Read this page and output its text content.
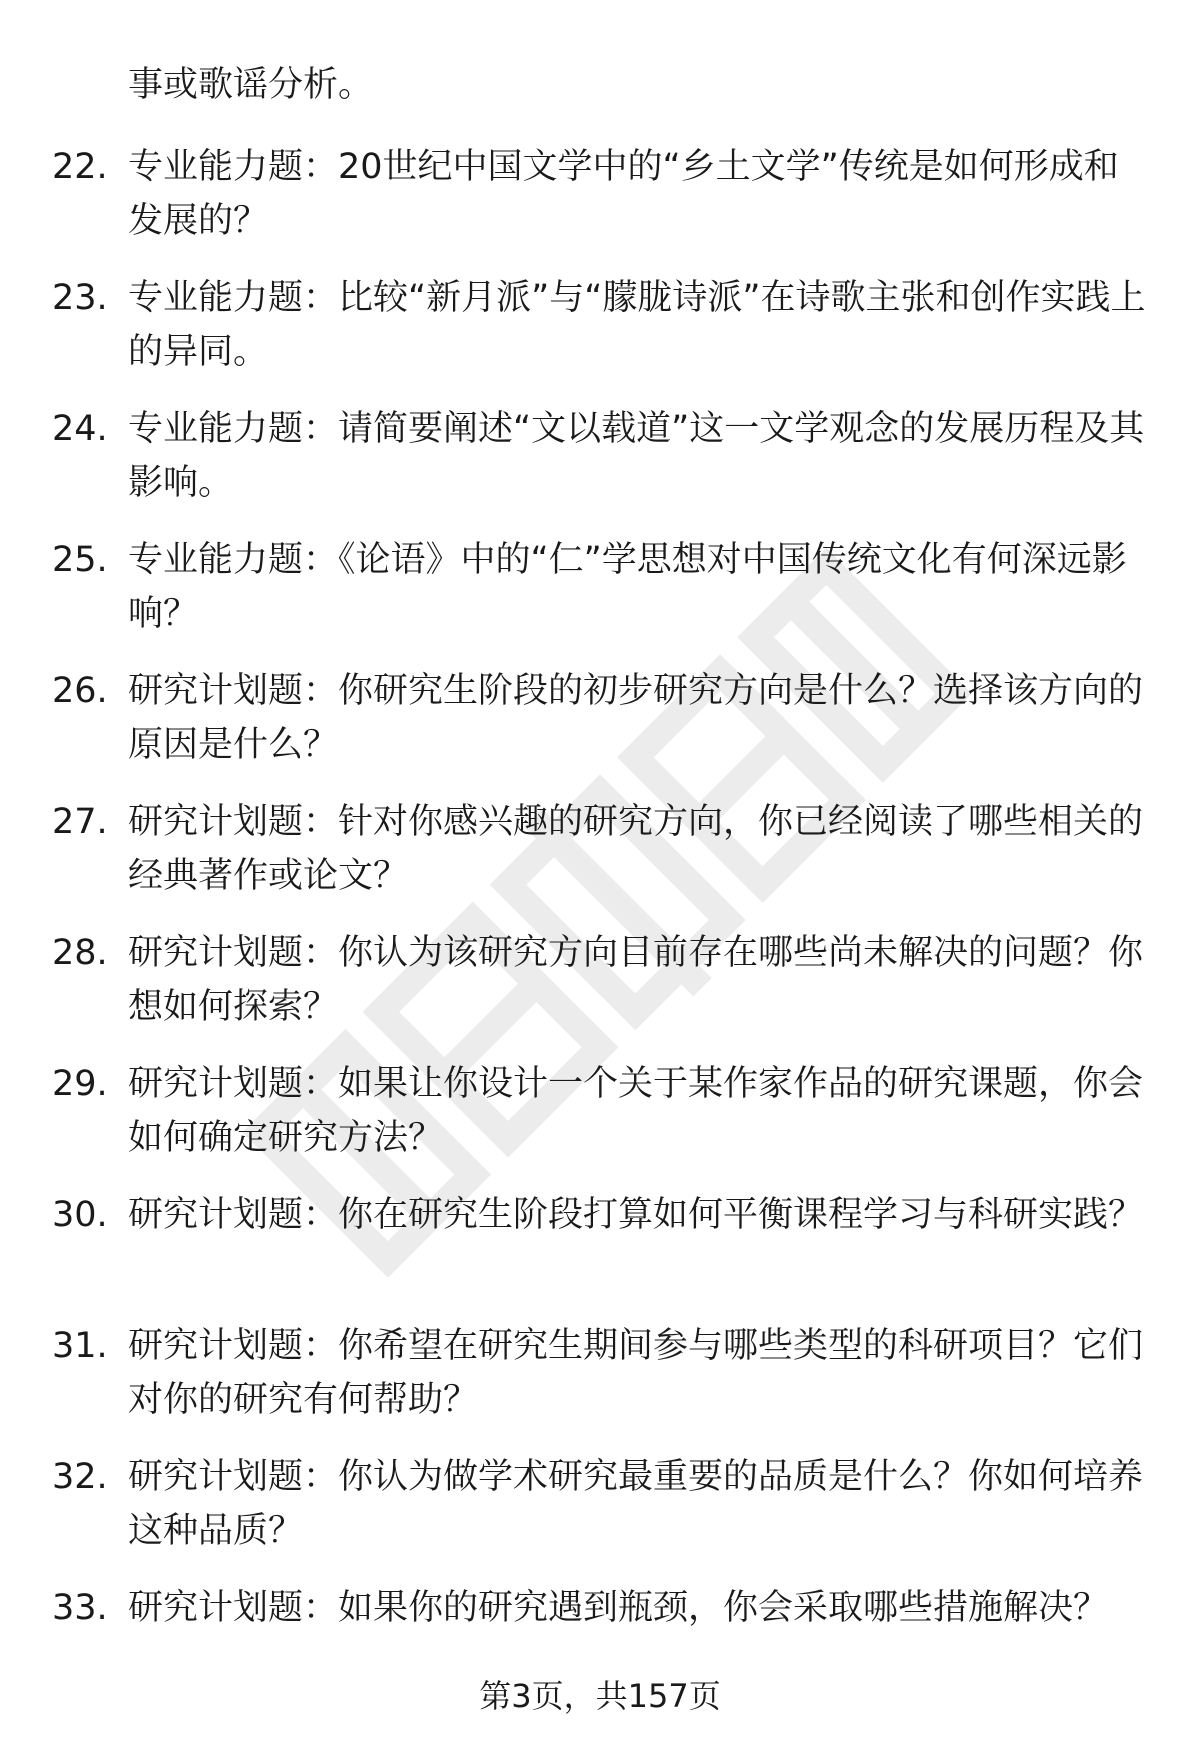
事或歌谣分析。
22. 专业能力题：20世纪中国文学中的“乡土文学”传统是如何形成和发展的？
23. 专业能力题：比较“新月派”与“朦胧诗派”在诗歌主张和创作实践上的异同。
24. 专业能力题：请简要阐述“文以载道”这一文学观念的发展历程及其影响。
25. 专业能力题：《论语》中的“仁”学思想对中国传统文化有何深远影响？
26. 研究计划题：你研究生阶段的初步研究方向是什么？选择该方向的原因是什么？
27. 研究计划题：针对你感兴趣的研究方向，你已经阅读了哪些相关的经典著作或论文？
28. 研究计划题：你认为该研究方向目前存在哪些尚未解决的问题？你想如何探索？
29. 研究计划题：如果让你设计一个关于某作家作品的研究课题，你会如何确定研究方法？
30. 研究计划题：你在研究生阶段打算如何平衡课程学习与科研实践？
31. 研究计划题：你希望在研究生期间参与哪些类型的科研项目？它们对你的研究有何帮助？
32. 研究计划题：你认为做学术研究最重要的品质是什么？你如何培养这种品质？
33. 研究计划题：如果你的研究遇到瓶颈，你会采取哪些措施解决？
第3页，共157页
